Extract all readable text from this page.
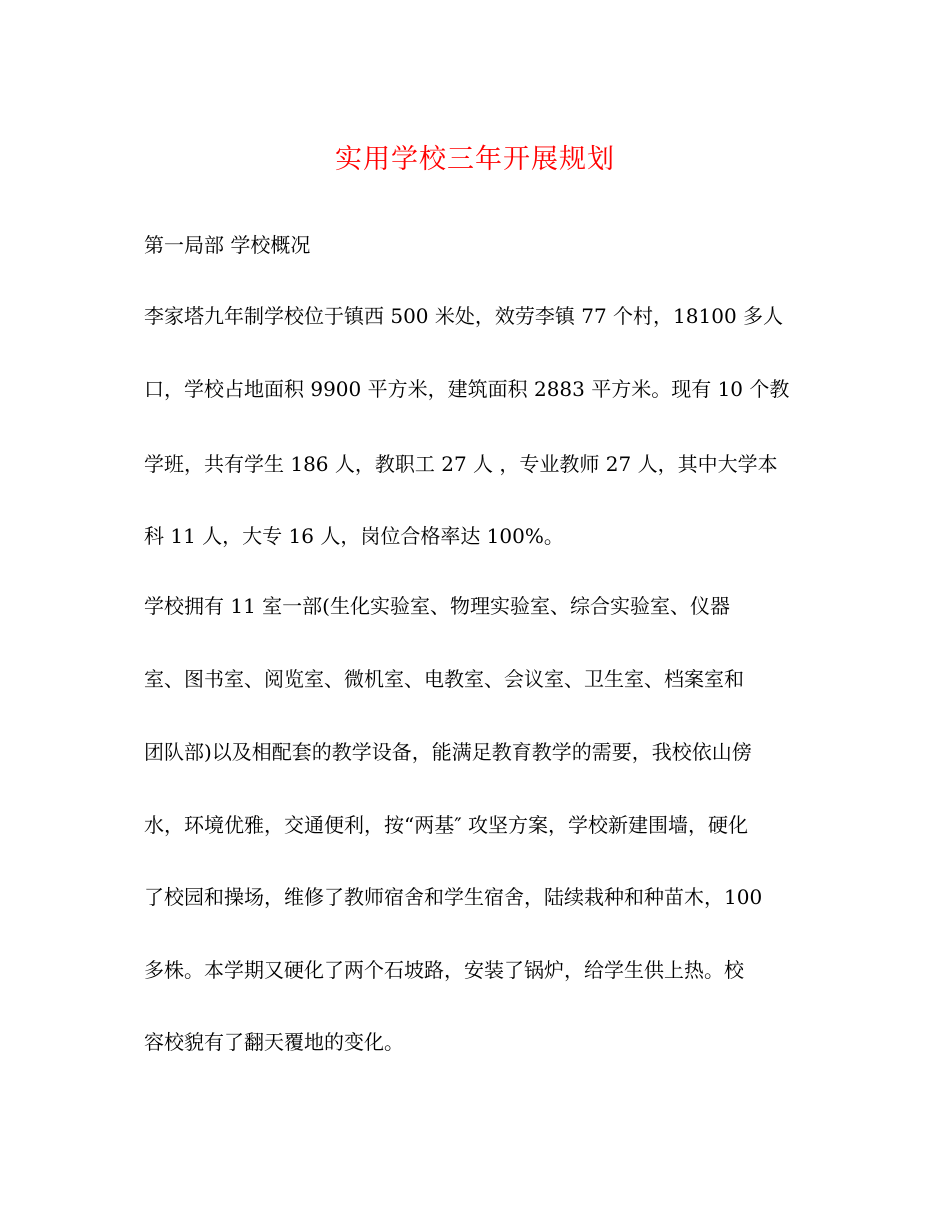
实用学校三年开展规划
第一局部 学校概况
李家塔九年制学校位于镇西 500 米处，效劳李镇 77 个村，18100 多人
口，学校占地面积 9900 平方米，建筑面积 2883 平方米。现有 10 个教
学班，共有学生 186 人，教职工 27 人 ，专业教师 27 人，其中大学本
科 11 人，大专 16 人，岗位合格率达 100%。
学校拥有 11 室一部(生化实验室、物理实验室、综合实验室、仪器
室、图书室、阅览室、微机室、电教室、会议室、卫生室、档案室和
团队部)以及相配套的教学设备，能满足教育教学的需要，我校依山傍
水，环境优雅，交通便利，按“两基″ 攻坚方案，学校新建围墙，硬化
了校园和操场，维修了教师宿舍和学生宿舍，陆续栽种和种苗木，100
多株。本学期又硬化了两个石坡路，安装了锅炉，给学生供上热。校
容校貌有了翻天覆地的变化。
